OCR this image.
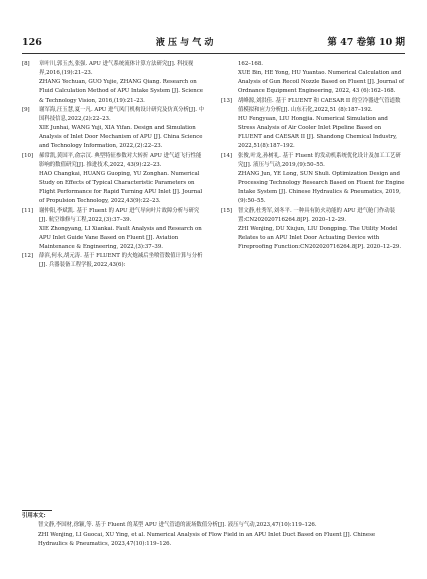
126	液 压 与 气 动	第 47 卷第 10 期
[8]	章叶川,郭玉杰,张强. APU 进气系统流体计算方法研究[J]. 科技视界,2016,(19):21–23.
ZHANG Yechuan, GUO Yujie, ZHANG Qiang. Research on Fluid Calculation Method of APU Intake System [J]. Science & Technology Vision, 2016,(19):21–23.
[9]	谢军海,汪玉慧,夏一凡. APU 进气风门机构设计研究及仿真分析[J]. 中国科技信息,2022,(2):22–23.
XIE Junhai, WANG Yuji, XIA Yifan. Design and Simulation Analysis of Inlet Door Mechanism of APU [J]. China Science and Technology Information, 2022,(2):22–23.
[10]	郝常凯,黄国平,俞宗汉. 典型特征参数对大转折 APU 进气道飞行性能影响的数值研究[J]. 推进技术,2022, 43(9):22–23.
HAO Changkai, HUANG Guoping, YU Zonghan. Numerical Study on Effects of Typical Characteristic Parameters on Flight Performance for Rapid Turning APU Inlet [J]. Journal of Propulsion Technology, 2022,43(9):22–23.
[11]	谢仲阳,李斌凯. 基于 Fluent 的 APU 进气导向叶片故障分析与研究[J]. 航空维修与工程,2022,(3):37–39.
XIE Zhongyang, LI Xiankai. Fault Analysis and Research on APU Inlet Guide Vane Based on Fluent [J]. Aviation Maintenance & Engineering, 2022,(3):37–39.
[12]	薛滨,何永,胡元涛. 基于 FLUENT 的火炮减后坐喷管数值计算与分析[J]. 兵器装备工程学报,2022,43(6):
162–168.
XUE Bin, HE Yong, HU Yuantao. Numerical Calculation and Analysis of Gun Recoil Nozzle Based on Fluent [J]. Journal of Ordnance Equipment Engineering, 2022, 43 (6):162–168.
[13]	胡峰源,刘洪佳. 基于 FLUENT 和 CAESAR II 的空冷器进气管道数值模拟和应力分析[J]. 山东石化,2022,51 (8):187–192.
HU Fengyuan, LIU Hongjia. Numerical Simulation and Stress Analysis of Air Cooler Inlet Pipeline Based on FLUENT and CAESAR II [J]. Shandong Chemical Industry, 2022,51(8):187–192.
[14]	张俊,叶龙,孙树礼. 基于 Fluent 的发动机系统优化设计及加工工艺研究[J]. 液压与气动,2019,(9):50–55.
ZHANG Jun, YE Long, SUN Shuli. Optimization Design and Processing Technology Research Based on Fluent for Engine Intake System [J]. Chinese Hydraulics & Pneumatics, 2019,(9):50–55.
[15]	智文静,杜秀军,刘冬平. 一种具有防火功能的 APU 进气舱门作动装置:CN202020716264.8[P]. 2020–12–29.
ZHI Wenjing, DU Xiujun, LIU Dongping. The Utility Model Relates to an APU Inlet Door Actuating Device with Fireproofing Function:CN202020716264.8[P]. 2020–12–29.
引用本文:
智文静,李国材,徐颖,等. 基于 Fluent 的某型 APU 进气管道的流场数值分析[J]. 液压与气动,2023,47(10):119–126.
ZHI Wenjing, LI Guocai, XU Ying, et al. Numerical Analysis of Flow Field in an APU Inlet Duct Based on Fluent [J]. Chinese Hydraulics & Pneumatics, 2023,47(10):119–126.
